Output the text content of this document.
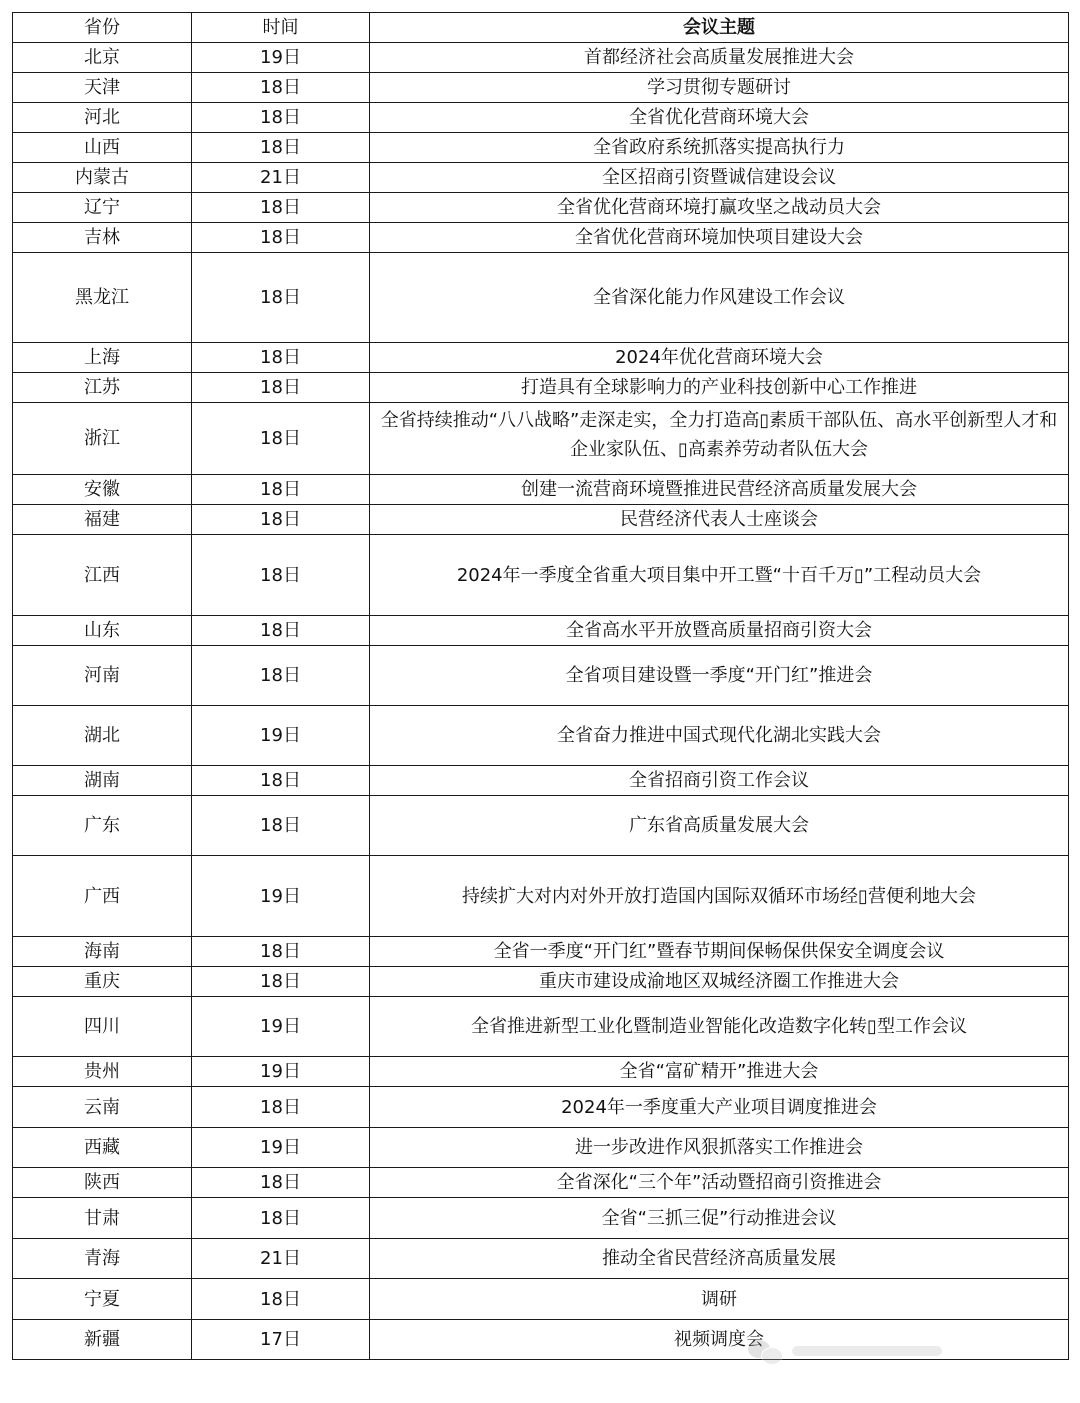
省份	时间	会议主题
北京	19日	首都经济社会高质量发展推进大会
天津	18日	学习贯彻专题研讨
河北	18日	全省优化营商环境大会
山西	18日	全省政府系统抓落实提高执行力
内蒙古	21日	全区招商引资暨诚信建设会议
辽宁	18日	全省优化营商环境打赢攻坚之战动员大会
吉林	18日	全省优化营商环境加快项目建设大会
黑龙江	18日	全省深化能力作风建设工作会议
上海	18日	2024年优化营商环境大会
江苏	18日	打造具有全球影响力的产业科技创新中心工作推进
浙江	18日	全省持续推动“八八战略”走深走实，全力打造高▯素质干部队伍、高水平创新型人才和企业家队伍、▯高素养劳动者队伍大会

安徽	18日	创建一流营商环境暨推进民营经济高质量发展大会
福建	18日	民营经济代表人士座谈会
江西	18日	2024年一季度全省重大项目集中开工暨“十百千万▯”工程动员大会
山东	18日	全省高水平开放暨高质量招商引资大会
河南	18日	全省项目建设暨一季度“开门红”推进会
湖北	19日	全省奋力推进中国式现代化湖北实践大会
湖南	18日	全省招商引资工作会议
广东	18日	广东省高质量发展大会
广西	19日	持续扩大对内对外开放打造国内国际双循环市场经▯营便利地大会
海南	18日	全省一季度“开门红”暨春节期间保畅保供保安全调度会议
重庆	18日	重庆市建设成渝地区双城经济圈工作推进大会
四川	19日	全省推进新型工业化暨制造业智能化改造数字化转▯型工作会议
贵州	19日	全省“富矿精开”推进大会
云南	18日	2024年一季度重大产业项目调度推进会
西藏	19日	进一步改进作风狠抓落实工作推进会
陕西	18日	全省深化“三个年”活动暨招商引资推进会
甘肃	18日	全省“三抓三促”行动推进会议
青海	21日	推动全省民营经济高质量发展
宁夏	18日	调研
新疆	17日	视频调度会
